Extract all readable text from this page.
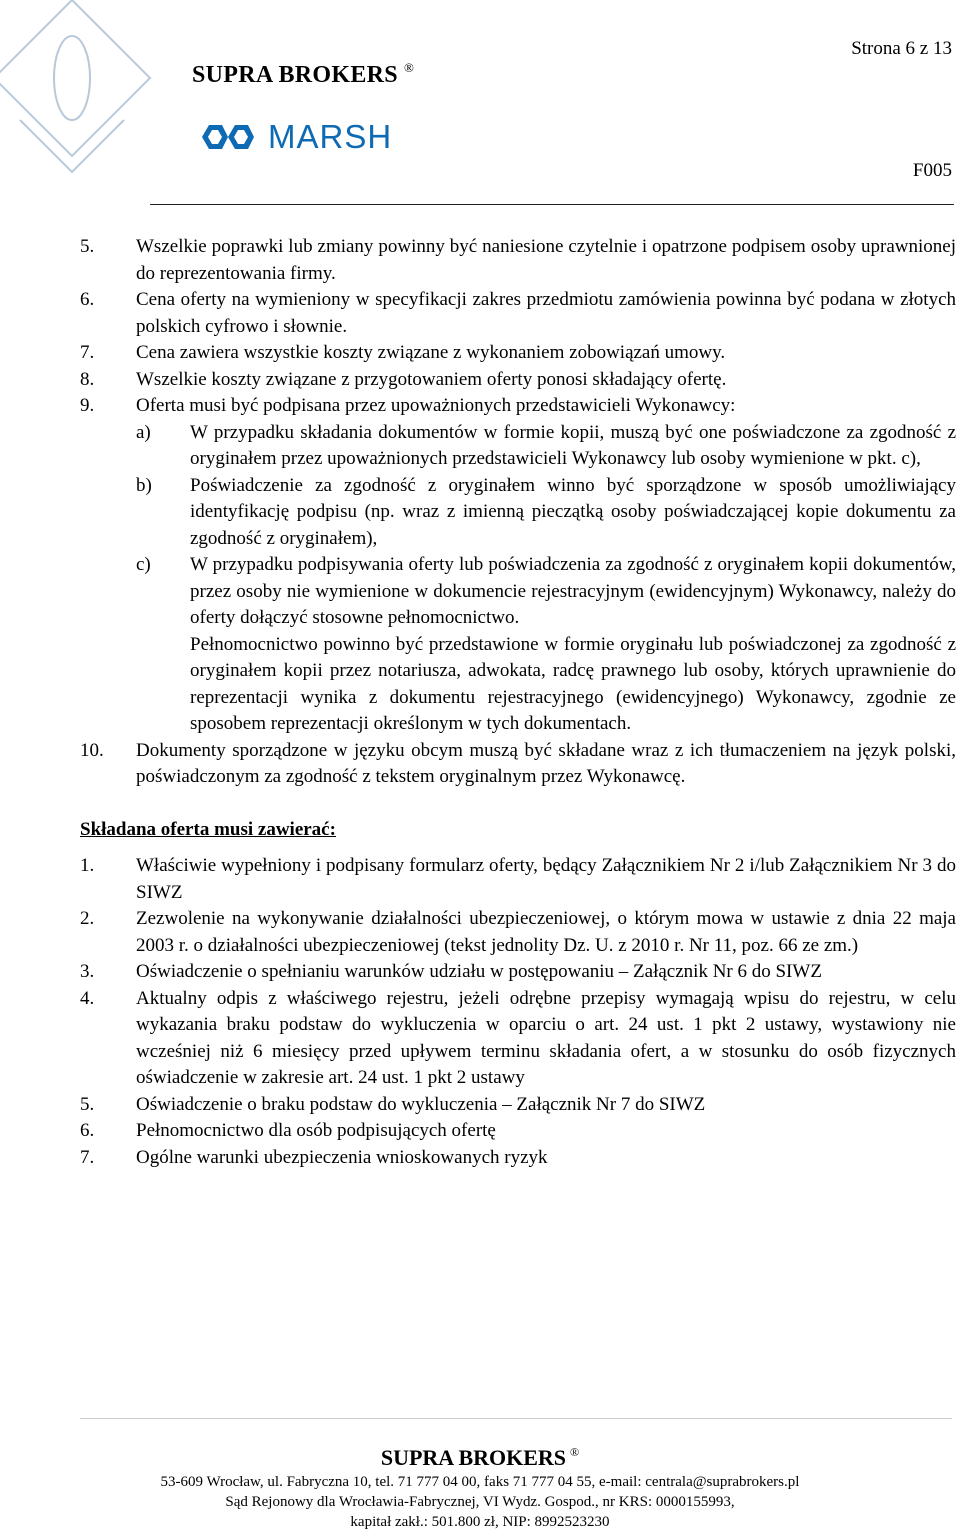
SUPRA BROKERS ®
MARSH
Strona 6 z 13
F005
5.	Wszelkie poprawki lub zmiany powinny być naniesione czytelnie i opatrzone podpisem osoby uprawnionej do reprezentowania firmy.
6.	Cena oferty na wymieniony w specyfikacji zakres przedmiotu zamówienia powinna być podana w złotych polskich cyfrowo i słownie.
7.	Cena zawiera wszystkie koszty związane z wykonaniem zobowiązań umowy.
8.	Wszelkie koszty związane z przygotowaniem oferty ponosi składający ofertę.
9.	Oferta musi być podpisana przez upoważnionych przedstawicieli Wykonawcy:
a)	W przypadku składania dokumentów w formie kopii, muszą być one poświadczone za zgodność z oryginałem przez upoważnionych przedstawicieli Wykonawcy lub osoby wymienione w pkt. c),
b)	Poświadczenie za zgodność z oryginałem winno być sporządzone w sposób umożliwiający identyfikację podpisu (np. wraz z imienną pieczątką osoby poświadczającej kopie dokumentu za zgodność z oryginałem),
c)	W przypadku podpisywania oferty lub poświadczenia za zgodność z oryginałem kopii dokumentów, przez osoby nie wymienione w dokumencie rejestracyjnym (ewidencyjnym) Wykonawcy, należy do oferty dołączyć stosowne pełnomocnictwo.
Pełnomocnictwo powinno być przedstawione w formie oryginału lub poświadczonej za zgodność z oryginałem kopii przez notariusza, adwokata, radcę prawnego lub osoby, których uprawnienie do reprezentacji wynika z dokumentu rejestracyjnego (ewidencyjnego) Wykonawcy, zgodnie ze sposobem reprezentacji określonym w tych dokumentach.
10.	Dokumenty sporządzone w języku obcym muszą być składane wraz z ich tłumaczeniem na język polski, poświadczonym za zgodność z tekstem oryginalnym przez Wykonawcę.
Składana oferta musi zawierać:
1.	Właściwie wypełniony i podpisany formularz oferty, będący Załącznikiem Nr 2 i/lub Załącznikiem Nr 3 do SIWZ
2.	Zezwolenie na wykonywanie działalności ubezpieczeniowej, o którym mowa w ustawie z dnia 22 maja 2003 r. o działalności ubezpieczeniowej (tekst jednolity Dz. U. z 2010 r. Nr 11, poz. 66 ze zm.)
3.	Oświadczenie o spełnianiu warunków udziału w postępowaniu – Załącznik Nr 6 do SIWZ
4.	Aktualny odpis z właściwego rejestru, jeżeli odrębne przepisy wymagają wpisu do rejestru, w celu wykazania braku podstaw do wykluczenia w oparciu o art. 24 ust. 1 pkt 2 ustawy, wystawiony nie wcześniej niż 6 miesięcy przed upływem terminu składania ofert, a w stosunku do osób fizycznych oświadczenie w zakresie art. 24 ust. 1 pkt 2 ustawy
5.	Oświadczenie o braku podstaw do wykluczenia – Załącznik Nr 7 do SIWZ
6.	Pełnomocnictwo dla osób podpisujących ofertę
7.	Ogólne warunki ubezpieczenia wnioskowanych ryzyk
SUPRA BROKERS ®
53-609 Wrocław, ul. Fabryczna 10, tel. 71 777 04 00, faks 71 777 04 55, e-mail: centrala@suprabrokers.pl
Sąd Rejonowy dla Wrocławia-Fabrycznej, VI Wydz. Gospod., nr KRS: 0000155993,
kapitał zakł.: 501.800 zł, NIP: 8992523230
